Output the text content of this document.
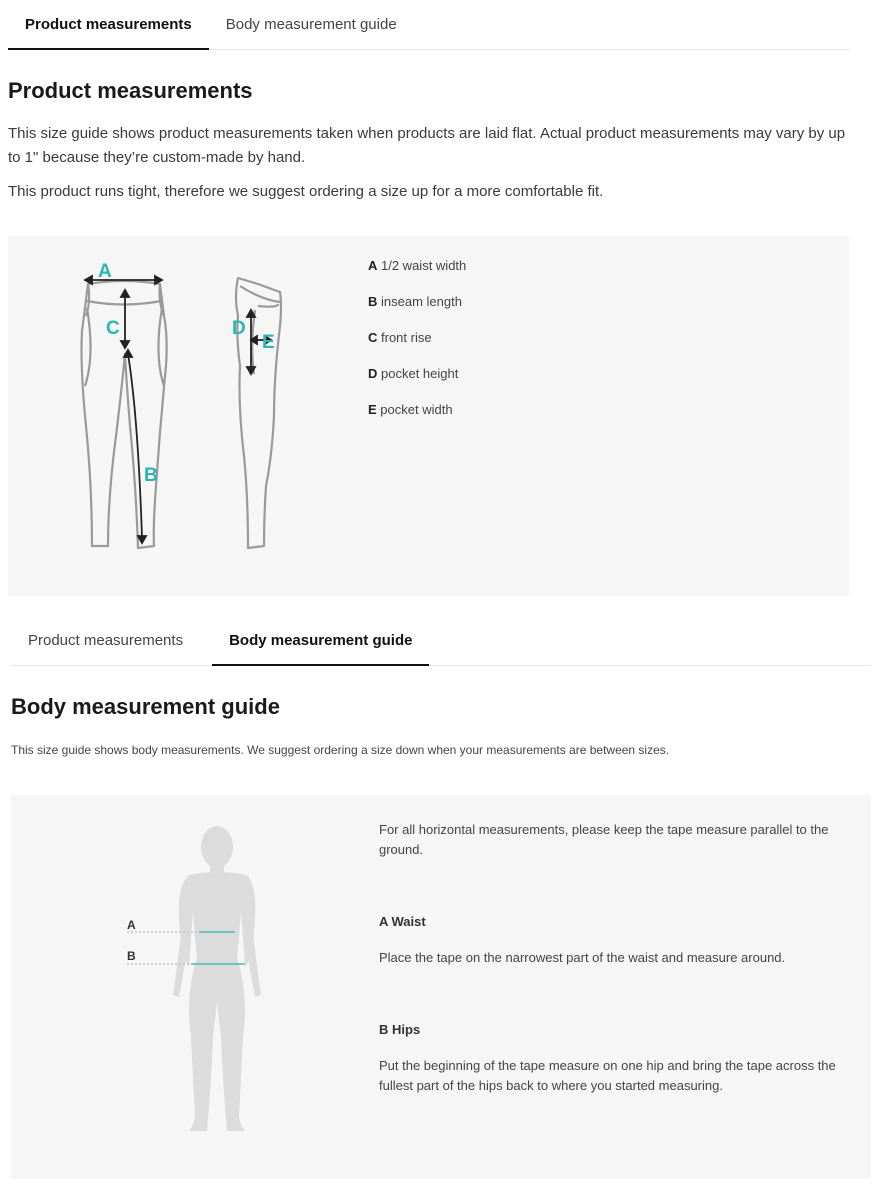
Product measurements	Body measurement guide
Product measurements

This size guide shows product measurements taken when products are laid flat. Actual product measurements may vary by up to 1" because they’re custom-made by hand.

This product runs tight, therefore we suggest ordering a size up for a more comfortable fit.

A
C
B
D
E
A 1/2 waist width
B inseam length
C front rise
D pocket height
E pocket width
Product measurements	Body measurement guide
Body measurement guide

This size guide shows body measurements. We suggest ordering a size down when your measurements are between sizes.

A
B
For all horizontal measurements, please keep the tape measure parallel to the ground.
A Waist
Place the tape on the narrowest part of the waist and measure around.
B Hips
Put the beginning of the tape measure on one hip and bring the tape across the fullest part of the hips back to where you started measuring.
